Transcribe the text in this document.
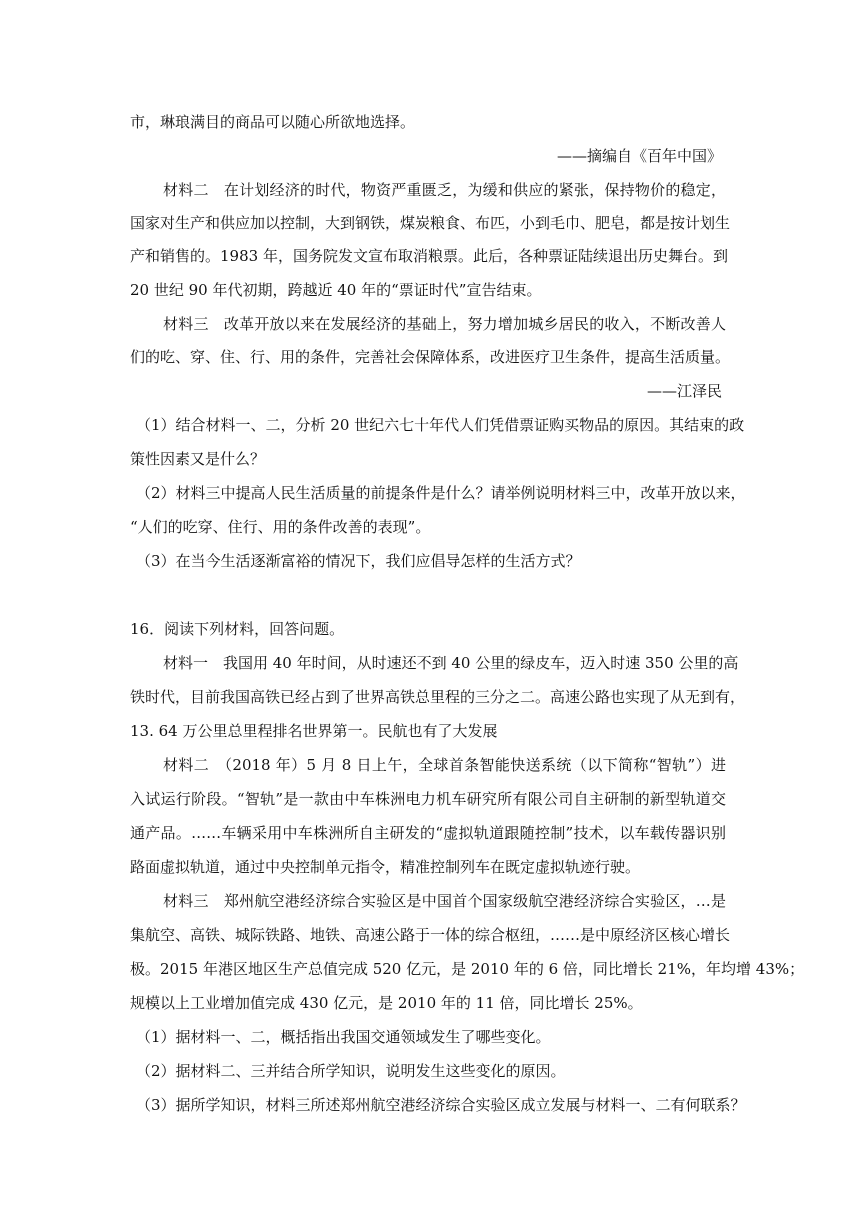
市，琳琅满目的商品可以随心所欲地选择。

——摘编自《百年中国》

材料二　在计划经济的时代，物资严重匮乏，为缓和供应的紧张，保持物价的稳定，

国家对生产和供应加以控制，大到钢铁，煤炭粮食、布匹，小到毛巾、肥皂，都是按计划生

产和销售的。1983 年，国务院发文宣布取消粮票。此后，各种票证陆续退出历史舞台。到

20 世纪 90 年代初期，跨越近 40 年的“票证时代”宣告结束。

材料三　改革开放以来在发展经济的基础上，努力增加城乡居民的收入，不断改善人

们的吃、穿、住、行、用的条件，完善社会保障体系，改进医疗卫生条件，提高生活质量。

——江泽民

（1）结合材料一、二，分析 20 世纪六七十年代人们凭借票证购买物品的原因。其结束的政

策性因素又是什么？

（2）材料三中提高人民生活质量的前提条件是什么？请举例说明材料三中，改革开放以来，

“人们的吃穿、住行、用的条件改善的表现”。

（3）在当今生活逐渐富裕的情况下，我们应倡导怎样的生活方式？

16．阅读下列材料，回答问题。

材料一　我国用 40 年时间，从时速还不到 40 公里的绿皮车，迈入时速 350 公里的高

铁时代，目前我国高铁已经占到了世界高铁总里程的三分之二。高速公路也实现了从无到有，

13. 64 万公里总里程排名世界第一。民航也有了大发展

材料二　（2018 年）5 月 8 日上午，全球首条智能快送系统（以下简称“智轨”）进

入试运行阶段。“智轨”是一款由中车株洲电力机车研究所有限公司自主研制的新型轨道交

通产品。……车辆采用中车株洲所自主研发的“虚拟轨道跟随控制”技术，以车载传器识别

路面虚拟轨道，通过中央控制单元指令，精准控制列车在既定虚拟轨迹行驶。

材料三　郑州航空港经济综合实验区是中国首个国家级航空港经济综合实验区，…是

集航空、高铁、城际铁路、地铁、高速公路于一体的综合枢纽，……是中原经济区核心增长

极。2015 年港区地区生产总值完成 520 亿元，是 2010 年的 6 倍，同比增长 21%，年均增 43%；

规模以上工业增加值完成 430 亿元，是 2010 年的 11 倍，同比增长 25%。

（1）据材料一、二，概括指出我国交通领域发生了哪些变化。

（2）据材料二、三并结合所学知识，说明发生这些变化的原因。

（3）据所学知识，材料三所述郑州航空港经济综合实验区成立发展与材料一、二有何联系？
